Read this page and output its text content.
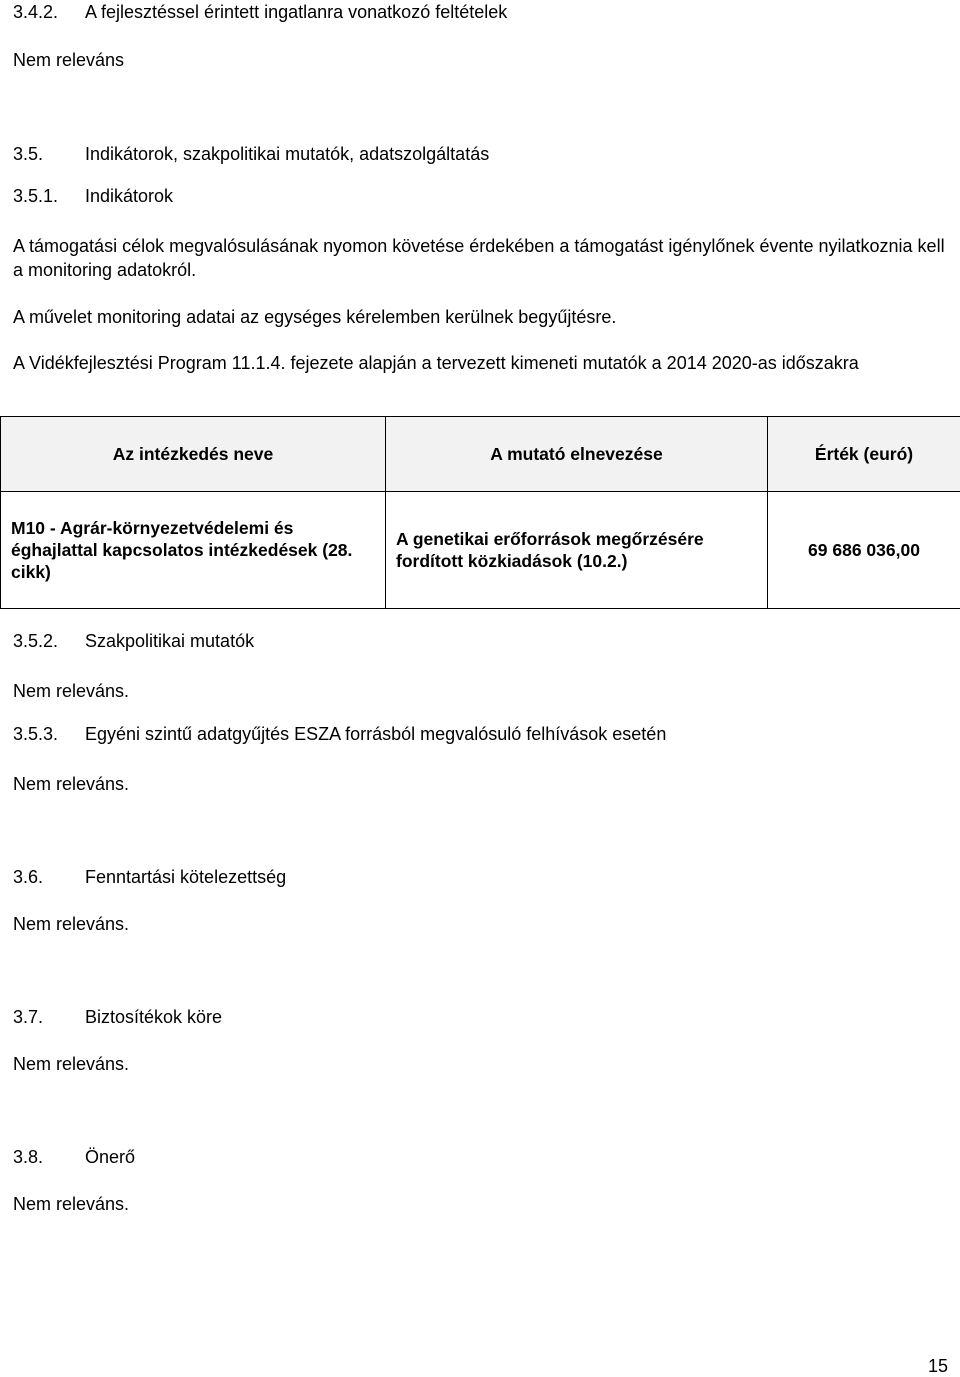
3.4.2. A fejlesztéssel érintett ingatlanra vonatkozó feltételek
Nem releváns
3.5. Indikátorok, szakpolitikai mutatók, adatszolgáltatás
3.5.1. Indikátorok
A támogatási célok megvalósulásának nyomon követése érdekében a támogatást igénylőnek évente nyilatkoznia kell a monitoring adatokról.
A művelet monitoring adatai az egységes kérelemben kerülnek begyűjtésre.
A Vidékfejlesztési Program 11.1.4. fejezete alapján a tervezett kimeneti mutatók a 2014 2020-as időszakra
Az intézkedés neve	A mutató elnevezése	Érték (euró)
M10 - Agrár-környezetvédelemi és éghajlattal kapcsolatos intézkedések (28. cikk)	A genetikai erőforrások megőrzésére fordított közkiadások (10.2.)	69 686 036,00
3.5.2. Szakpolitikai mutatók
Nem releváns.
3.5.3. Egyéni szintű adatgyűjtés ESZA forrásból megvalósuló felhívások esetén
Nem releváns.
3.6. Fenntartási kötelezettség
Nem releváns.
3.7. Biztosítékok köre
Nem releváns.
3.8. Önerő
Nem releváns.
15
